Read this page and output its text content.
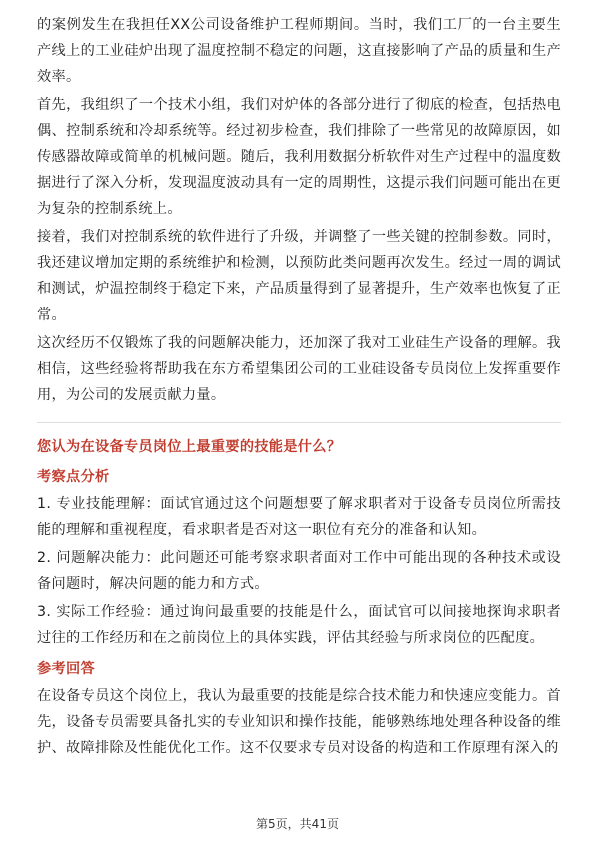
的案例发生在我担任XX公司设备维护工程师期间。当时，我们工厂的一台主要生产线上的工业硅炉出现了温度控制不稳定的问题，这直接影响了产品的质量和生产效率。

首先，我组织了一个技术小组，我们对炉体的各部分进行了彻底的检查，包括热电偶、控制系统和冷却系统等。经过初步检查，我们排除了一些常见的故障原因，如传感器故障或简单的机械问题。随后，我利用数据分析软件对生产过程中的温度数据进行了深入分析，发现温度波动具有一定的周期性，这提示我们问题可能出在更为复杂的控制系统上。

接着，我们对控制系统的软件进行了升级，并调整了一些关键的控制参数。同时，我还建议增加定期的系统维护和检测，以预防此类问题再次发生。经过一周的调试和测试，炉温控制终于稳定下来，产品质量得到了显著提升，生产效率也恢复了正常。

这次经历不仅锻炼了我的问题解决能力，还加深了我对工业硅生产设备的理解。我相信，这些经验将帮助我在东方希望集团公司的工业硅设备专员岗位上发挥重要作用，为公司的发展贡献力量。

您认为在设备专员岗位上最重要的技能是什么？
考察点分析

1. 专业技能理解：面试官通过这个问题想要了解求职者对于设备专员岗位所需技能的理解和重视程度，看求职者是否对这一职位有充分的准备和认知。

2. 问题解决能力：此问题还可能考察求职者面对工作中可能出现的各种技术或设备问题时，解决问题的能力和方式。

3. 实际工作经验：通过询问最重要的技能是什么，面试官可以间接地探询求职者过往的工作经历和在之前岗位上的具体实践，评估其经验与所求岗位的匹配度。

参考回答

在设备专员这个岗位上，我认为最重要的技能是综合技术能力和快速应变能力。首先，设备专员需要具备扎实的专业知识和操作技能，能够熟练地处理各种设备的维护、故障排除及性能优化工作。这不仅要求专员对设备的构造和工作原理有深入的

第5页，共41页
